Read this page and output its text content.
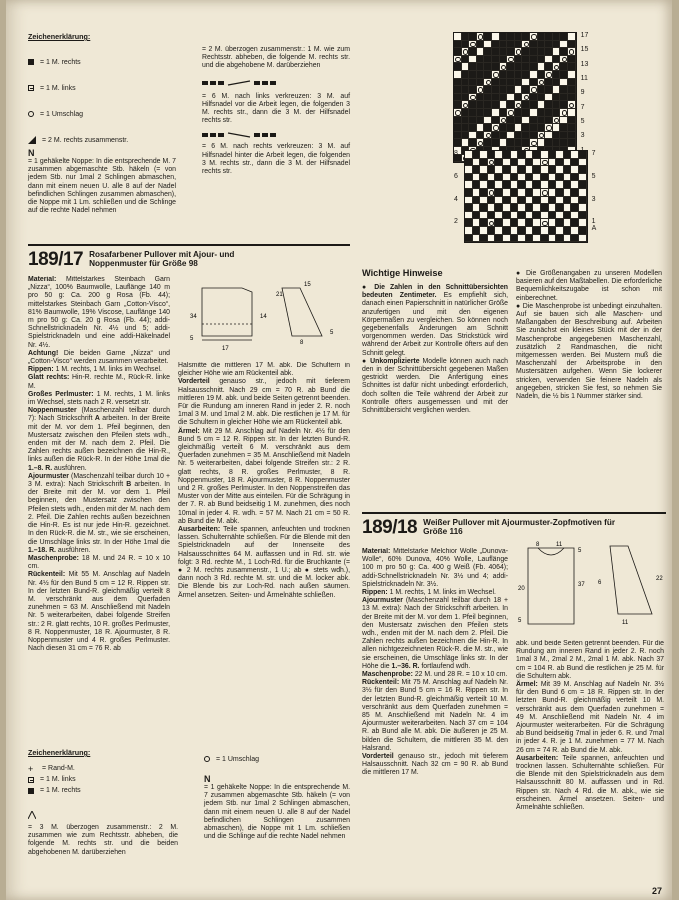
Zeichenerklärung:
= 1 M. rechts
= 1 M. links
= 1 Umschlag
= 2 M. rechts zusammenstr.
N
= 1 gehäkelte Noppe: In die entsprechende M. 7 zusammen abgemaschte Stb. häkeln (= von jedem Stb. nur 1mal 2 Schlingen abmaschen, dann mit einem neuen U. alle 8 auf der Nadel befindlichen Schlingen zusammen abmaschen), die Noppe mit 1 Lm. schließen und die Schlinge auf die rechte Nadel nehmen
= 2 M. überzogen zusammenstr.: 1 M. wie zum Rechtsstr. abheben, die folgende M. rechts str. und die abgehobene M. darüberziehen
= 6 M. nach links verkreuzen: 3 M. auf Hilfsnadel vor die Arbeit legen, die folgenden 3 M. rechts str., dann die 3 M. der Hilfsnadel rechts str.
= 6 M. nach rechts verkreuzen: 3 M. auf Hilfsnadel hinter die Arbeit legen, die folgenden 3 M. rechts str., dann die 3 M. der Hilfsnadel rechts str.
17
15
13
11
9
7
5
3
7
5
3
1 A
8
6
4
2
189/17 Rosafarbener Pullover mit Ajour- und Noppenmuster für Größe 98
Material: Mittelstarkes Steinbach Garn „Nizza“, 100% Baumwolle, Lauflänge 140 m pro 50 g: Ca. 200 g Rosa (Fb. 44); mittelstarkes Steinbach Garn „Cotton-Visco“, 81% Baumwolle, 19% Viscose, Lauflänge 140 m pro 50 g: Ca. 20 g Rosa (Fb. 44); addi-Schnellstricknadeln Nr. 4½ und 5; addi-Spielstricknadeln und eine addi-Häkelnadel Nr. 4½.
Achtung! Die beiden Garne „Nizza“ und „Cotton-Visco“ werden zusammen verarbeitet.
Rippen: 1 M. rechts, 1 M. links im Wechsel.
Glatt rechts: Hin-R. rechte M., Rück-R. linke M.
Großes Perlmuster: 1 M. rechts, 1 M. links im Wechsel, stets nach 2 R. versetzt str.
Noppenmuster (Maschenzahl teilbar durch 7): Nach Strickschrift A arbeiten. In der Breite mit der M. vor dem 1. Pfeil beginnen, den Mustersatz zwischen den Pfeilen stets wdh., enden mit der M. nach dem 2. Pfeil. Die Zahlen rechts außen bezeichnen die Hin-R., links außen die Rück-R. In der Höhe 1mal die 1.–8. R. ausführen.
Ajourmuster (Maschenzahl teilbar durch 10 + 3 M. extra): Nach Strickschrift B arbeiten. In der Breite mit der M. vor dem 1. Pfeil beginnen, den Mustersatz zwischen den Pfeilen stets wdh., enden mit der M. nach dem 2. Pfeil. Die Zahlen rechts außen bezeichnen die Hin-R. Es ist nur jede Hin-R. gezeichnet. In den Rück-R. die M. str., wie sie erscheinen, die Umschläge links str. In der Höhe 1mal die 1.–18. R. ausführen.
Maschenprobe: 18 M. und 24 R. = 10 x 10 cm.
Rückenteil: Mit 55 M. Anschlag auf Nadeln Nr. 4½ für den Bund 5 cm = 12 R. Rippen str. In der letzten Bund-R. gleichmäßig verteilt 8 M. verschränkt aus dem Querfaden zunehmen = 63 M. Anschließend mit Nadeln Nr. 5 weiterarbeiten, dabei folgende Streifen str.: 2 R. glatt rechts, 10 R. großes Perlmuster, 8 R. Noppenmuster, 18 R. Ajourmuster, 8 R. Noppenmuster und 4 R. großes Perlmuster. Nach diesen 31 cm = 76 R. ab
21
14
15
5
8
17
34
5
Halsmitte die mittleren 17 M. abk. Die Schultern in gleicher Höhe wie am Rückenteil abk.
Vorderteil genauso str., jedoch mit tieferem Halsausschnitt. Nach 29 cm = 70 R. ab Bund die mittleren 19 M. abk. und beide Seiten getrennt beenden. Für die Rundung am inneren Rand in jeder 2. R. noch 1mal 3 M. und 1mal 2 M. abk. Die restlichen je 17 M. für die Schultern in gleicher Höhe wie am Rückenteil abk.
Ärmel: Mit 29 M. Anschlag auf Nadeln Nr. 4½ für den Bund 5 cm = 12 R. Rippen str. In der letzten Bund-R. gleichmäßig verteilt 6 M. verschränkt aus dem Querfaden zunehmen = 35 M. Anschließend mit Nadeln Nr. 5 weiterarbeiten, dabei folgende Streifen str.: 2 R. glatt rechts, 8 R. großes Perlmuster, 8 R. Noppenmuster, 18 R. Ajourmuster, 8 R. Noppenmuster und 2 R. großes Perlmuster. In den Noppenstreifen das Muster von der Mitte aus einteilen. Für die Schrägung in der 7. R. ab Bund beidseitig 1 M. zunehmen, dies noch 10mal in jeder 4. R. wdh. = 57 M. Nach 21 cm = 50 R. ab Bund die M. abk.
Ausarbeiten: Teile spannen, anfeuchten und trocknen lassen. Schulternähte schließen. Für die Blende mit den Spielstricknadeln auf der Innenseite des Halsausschnittes 64 M. auffassen und in Rd. str. wie folgt: 3 Rd. rechte M., 1 Loch-Rd. für die Bruchkante (= ● 2 M. rechts zusammenstr., 1 U.; ab ● stets wdh.), dann noch 3 Rd. rechte M. str. und die M. locker abk. Die Blende bis zur Loch-Rd. nach außen säumen. Ärmel ansetzen. Seiten- und Ärmelnähte schließen.
Zeichenerklärung:
+	= Rand-M.
= 1 M. links
= 1 M. rechts
= 3 M. überzogen zusammenstr.: 2 M. zusammen wie zum Rechtsstr. abheben, die folgende M. rechts str. und die beiden abgehobenen M. darüberziehen
= 1 Umschlag
N
= 1 gehäkelte Noppe: In die entsprechende M. 7 zusammen abgemaschte Stb. häkeln (= von jedem Stb. nur 1mal 2 Schlingen abmaschen, dann mit einem neuen U. alle 8 auf der Nadel befindlichen Schlingen zusammen abmaschen), die Noppe mit 1 Lm. schließen und die Schlinge auf die rechte Nadel nehmen
Wichtige Hinweise
● Die Zahlen in den Schnittübersichten bedeuten Zentimeter. Es empfiehlt sich, danach einen Papierschnitt in natürlicher Größe anzufertigen und mit den eigenen Körpermaßen zu vergleichen. So können noch gegebenenfalls Änderungen am Schnitt vorgenommen werden. Das Strickstück wird während der Arbeit zur Kontrolle öfters auf den Schnitt gelegt.
● Unkomplizierte Modelle können auch nach den in der Schnittübersicht gegebenen Maßen gestrickt werden. Die Anfertigung eines Schnittes ist dafür nicht unbedingt erforderlich, doch sollten die Teile während der Arbeit zur Kontrolle öfters ausgemessen und mit der Schnittübersicht verglichen werden.
● Die Größenangaben zu unseren Modellen basieren auf den Maßtabellen. Die erforderliche Bequemlichkeitszugabe ist schon mit einberechnet.
● Die Maschenprobe ist unbedingt einzuhalten. Auf sie bauen sich alle Maschen- und Maßangaben der Beschreibung auf. Arbeiten Sie zunächst ein kleines Stück mit der in der Maschenprobe angegebenen Maschenzahl, zusätzlich 2 Randmaschen, die nicht mitgemessen werden. Bei Mustern muß die Maschenzahl der Arbeitsprobe in den Mustersätzen aufgehen. Wenn Sie lockerer stricken, verwenden Sie feinere Nadeln als angegeben, stricken Sie fest, so nehmen Sie Nadeln, die ½ bis 1 Nummer stärker sind.
189/18 Weißer Pullover mit Ajourmuster-Zopfmotiven für Größe 116
Material: Mittelstarke Melchior Wolle „Dunova-Wolle“, 60% Dunova, 40% Wolle, Lauflänge 100 m pro 50 g: Ca. 400 g Weiß (Fb. 4064); addi-Schnellstricknadeln Nr. 3½ und 4; addi-Spielstricknadeln Nr. 3½.
Rippen: 1 M. rechts, 1 M. links im Wechsel.
Ajourmuster (Maschenzahl teilbar durch 18 + 13 M. extra): Nach der Strickschrift arbeiten. In der Breite mit der M. vor dem 1. Pfeil beginnen, den Mustersatz zwischen den Pfeilen stets wdh., enden mit der M. nach dem 2. Pfeil. Die Zahlen rechts außen bezeichnen die Hin-R. In allen nichtgezeichneten Rück-R. die M. str., wie sie erscheinen, die Umschläge links str. In der Höhe die 1.–36. R. fortlaufend wdh.
Maschenprobe: 22 M. und 28 R. = 10 x 10 cm.
Rückenteil: Mit 75 M. Anschlag auf Nadeln Nr. 3½ für den Bund 5 cm = 16 R. Rippen str. In der letzten Bund-R. gleichmäßig verteilt 10 M. verschränkt aus dem Querfaden zunehmen = 85 M. Anschließend mit Nadeln Nr. 4 im Ajourmuster weiterarbeiten. Nach 37 cm = 104 R. ab Bund alle M. abk. Die äußeren je 25 M. bilden die Schultern, die mittleren 35 M. den Halsrand.
Vorderteil genauso str., jedoch mit tieferem Halsausschnitt. Nach 32 cm = 90 R. ab Bund die mittleren 17 M.
8	11
5
20
37
5
6
11
22
abk. und beide Seiten getrennt beenden. Für die Rundung am inneren Rand in jeder 2. R. noch 1mal 3 M., 2mal 2 M., 2mal 1 M. abk. Nach 37 cm = 104 R. ab Bund die restlichen je 25 M. für die Schultern abk.
Ärmel: Mit 39 M. Anschlag auf Nadeln Nr. 3½ für den Bund 6 cm = 18 R. Rippen str. In der letzten Bund-R. gleichmäßig verteilt 10 M. verschränkt aus dem Querfaden zunehmen = 49 M. Anschließend mit Nadeln Nr. 4 im Ajourmuster weiterarbeiten. Für die Schrägung ab Bund beidseitig 7mal in jeder 6. R. und 7mal in jeder 4. R. je 1 M. zunehmen = 77 M. Nach 26 cm = 74 R. ab Bund die M. abk.
Ausarbeiten: Teile spannen, anfeuchten und trocknen lassen. Schulternähte schließen. Für die Blende mit den Spielstricknadeln aus dem Halsausschnitt 80 M. auffassen und in Rd. Rippen str. Nach 4 Rd. die M. abk., wie sie erscheinen. Ärmel ansetzen. Seiten- und Ärmelnähte schließen.
27
